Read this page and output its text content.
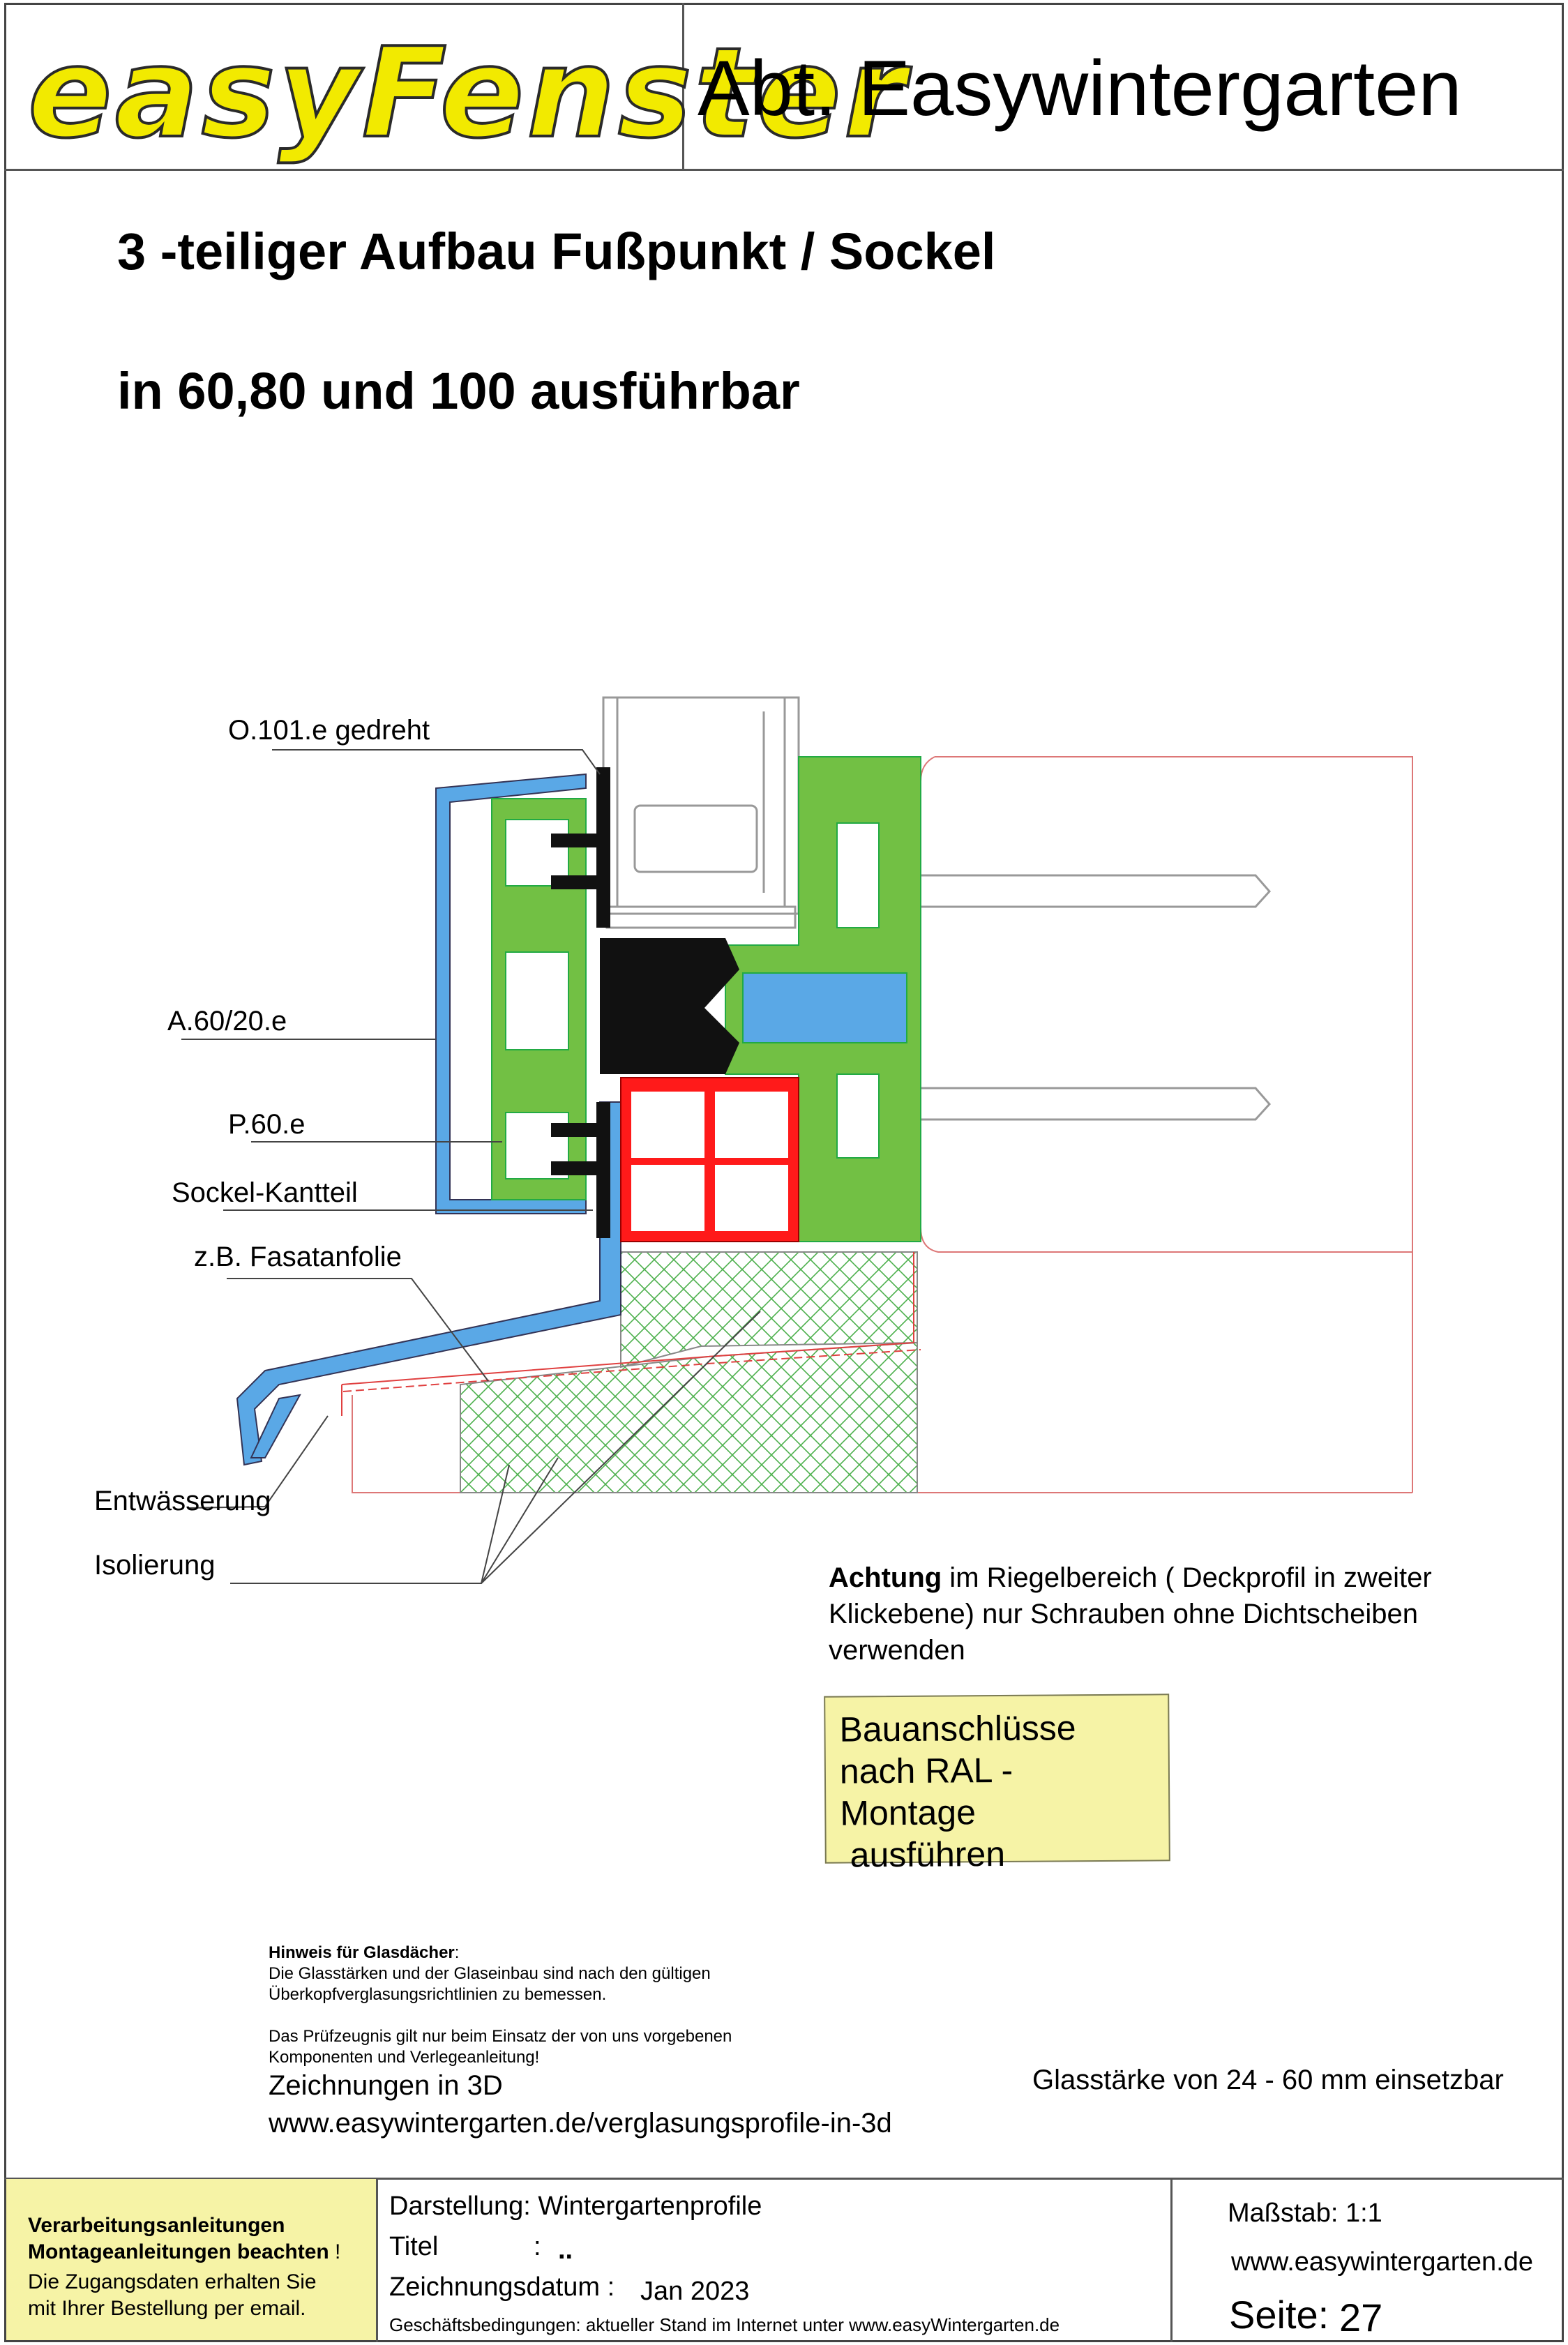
easyFenster
Abt. Easywintergarten
3 -teiliger Aufbau Fußpunkt / Sockel
in 60,80 und 100 ausführbar
O.101.e gedreht
A.60/20.e
P.60.e
Sockel-Kantteil
z.B. Fasatanfolie
Entwässerung
Isolierung	Achtung im Riegelbereich ( Deckprofil in zweiter
Klickebene) nur Schrauben ohne Dichtscheiben
verwenden
Bauanschlüsse
nach RAL - Montage
ausführen
Hinweis für Glasdächer:
Die Glasstärken und der Glaseinbau sind nach den gültigen
Überkopfverglasungsrichtlinien zu bemessen.
Das Prüfzeugnis gilt nur beim Einsatz der von uns vorgebenen
Komponenten und Verlegeanleitung!
Zeichnungen in 3D
www.easywintergarten.de/verglasungsprofile-in-3d
Glasstärke von 24 - 60 mm einsetzbar
Verarbeitungsanleitungen
Montageanleitungen beachten !
Die Zugangsdaten erhalten Sie
mit Ihrer Bestellung per email.
Darstellung: Wintergartenprofile
Titel	: ..
Zeichnungsdatum : Jan 2023
Geschäftsbedingungen: aktueller Stand im Internet unter www.easyWintergarten.de
Maßstab: 1:1
www.easywintergarten.de
Seite: 27
